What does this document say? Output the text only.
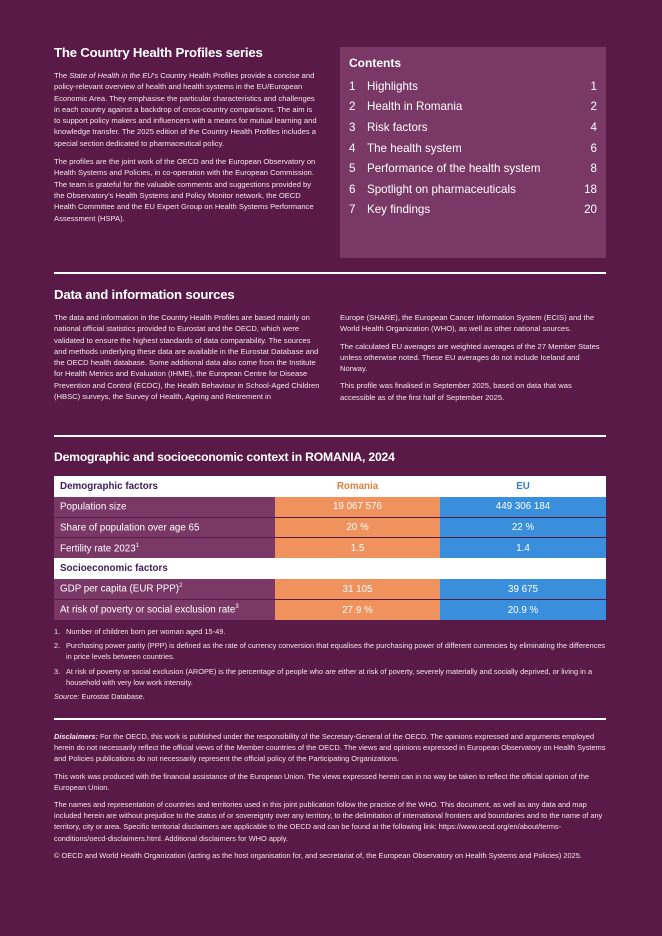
The Country Health Profiles series

The State of Health in the EU’s Country Health Profiles provide a concise and policy-relevant overview of health and health systems in the EU/European Economic Area. They emphasise the particular characteristics and challenges in each country against a backdrop of cross-country comparisons. The aim is to support policy makers and influencers with a means for mutual learning and knowledge transfer. The 2025 edition of the Country Health Profiles includes a special section dedicated to pharmaceutical policy.

The profiles are the joint work of the OECD and the European Observatory on Health Systems and Policies, in co-operation with the European Commission. The team is grateful for the valuable comments and suggestions provided by the Observatory’s Health Systems and Policy Monitor network, the OECD Health Committee and the EU Expert Group on Health Systems Performance Assessment (HSPA).

Contents
1 Highlights	1
2 Health in Romania	2
3 Risk factors	4
4 The health system	6
5 Performance of the health system	8
6 Spotlight on pharmaceuticals	18
7 Key findings	20
Data and information sources

The data and information in the Country Health Profiles are based mainly on national official statistics provided to Eurostat and the OECD, which were validated to ensure the highest standards of data comparability. The sources and methods underlying these data are available in the Eurostat Database and the OECD health database. Some additional data also come from the Institute for Health Metrics and Evaluation (IHME), the European Centre for Disease Prevention and Control (ECDC), the Health Behaviour in School-Aged Children (HBSC) surveys, the Survey of Health, Ageing and Retirement in

Europe (SHARE), the European Cancer Information System (ECIS) and the World Health Organization (WHO), as well as other national sources.

The calculated EU averages are weighted averages of the 27 Member States unless otherwise noted. These EU averages do not include Iceland and Norway.

This profile was finalised in September 2025, based on data that was accessible as of the first half of September 2025.

Demographic and socioeconomic context in ROMANIA, 2024
Demographic factors	Romania	EU
Population size	19 067 576	449 306 184
Share of population over age 65	20 %	22 %
Fertility rate 2023$^1$	1.5	1.4
Socioeconomic factors		
GDP per capita (EUR PPP)$^2$	31 105	39 675
At risk of poverty or social exclusion rate$^3$	27.9 %	20.9 %
1. Number of children born per woman aged 15-49.
2. Purchasing power parity (PPP) is defined as the rate of currency conversion that equalises the purchasing power of different currencies by eliminating the differences in price levels between countries.
3. At risk of poverty or social exclusion (AROPE) is the percentage of people who are either at risk of poverty, severely materially and socially deprived, or living in a household with very low work intensity.
Source: Eurostat Database.

Disclaimers: For the OECD, this work is published under the responsibility of the Secretary-General of the OECD. The opinions expressed and arguments employed herein do not necessarily reflect the official views of the Member countries of the OECD. The views and opinions expressed in European Observatory on Health Systems and Policies publications do not necessarily represent the official policy of the Participating Organizations.

This work was produced with the financial assistance of the European Union. The views expressed herein can in no way be taken to reflect the official opinion of the European Union.

The names and representation of countries and territories used in this joint publication follow the practice of the WHO. This document, as well as any data and map included herein are without prejudice to the status of or sovereignty over any territory, to the delimitation of international frontiers and boundaries and to the name of any territory, city or area. Specific territorial disclaimers are applicable to the OECD and can be found at the following link: https://www.oecd.org/en/about/terms-conditions/oecd-disclaimers.html. Additional disclaimers for WHO apply.

© OECD and World Health Organization (acting as the host organisation for, and secretariat of, the European Observatory on Health Systems and Policies) 2025.
